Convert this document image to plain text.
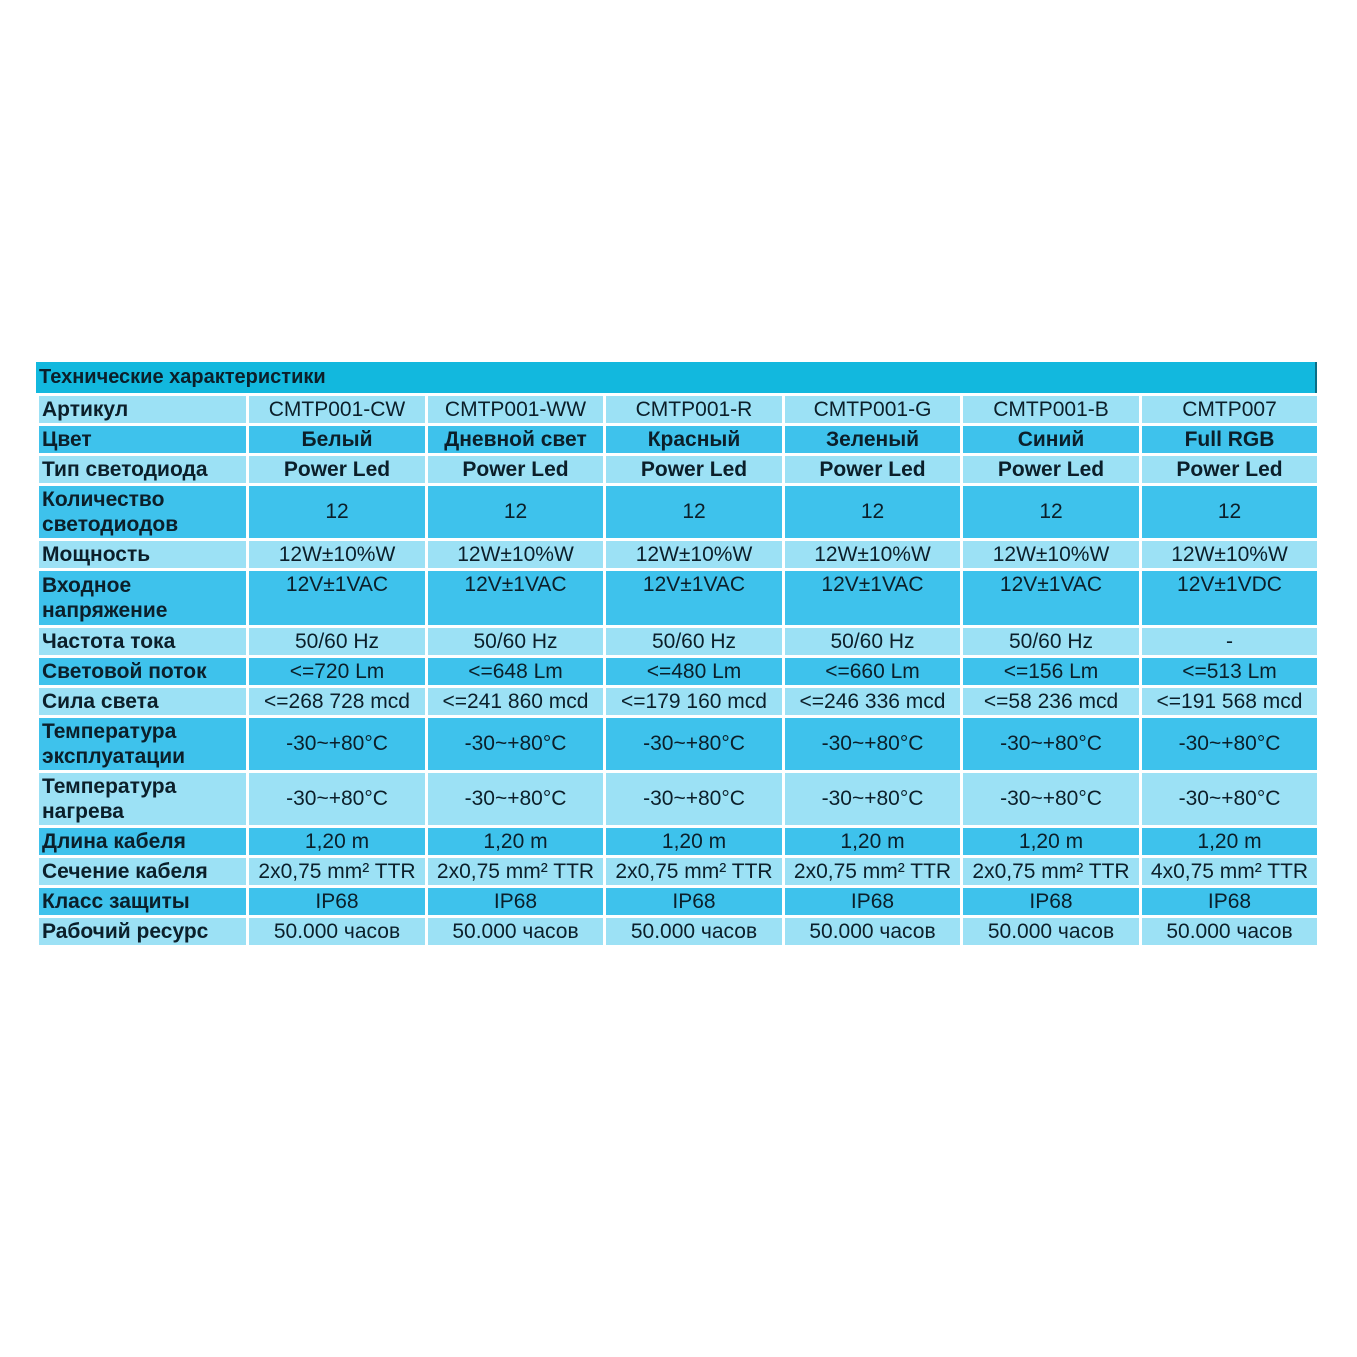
Технические характеристики
Артикул	CMTP001-CW	CMTP001-WW	CMTP001-R	CMTP001-G	CMTP001-B	CMTP007
Цвет	Белый	Дневной свет	Красный	Зеленый	Синий	Full RGB
Тип светодиода	Power Led	Power Led	Power Led	Power Led	Power Led	Power Led
Количество светодиодов	12	12	12	12	12	12
Мощность	12W±10%W	12W±10%W	12W±10%W	12W±10%W	12W±10%W	12W±10%W
Входное напряжение	12V±1VAC	12V±1VAC	12V±1VAC	12V±1VAC	12V±1VAC	12V±1VDC
Частота тока	50/60 Hz	50/60 Hz	50/60 Hz	50/60 Hz	50/60 Hz	-
Световой поток	<=720 Lm	<=648 Lm	<=480 Lm	<=660 Lm	<=156 Lm	<=513 Lm
Сила света	<=268 728 mcd	<=241 860 mcd	<=179 160 mcd	<=246 336 mcd	<=58 236 mcd	<=191 568 mcd
Температура эксплуатации	-30~+80°C	-30~+80°C	-30~+80°C	-30~+80°C	-30~+80°C	-30~+80°C
Температура нагрева	-30~+80°C	-30~+80°C	-30~+80°C	-30~+80°C	-30~+80°C	-30~+80°C
Длина кабеля	1,20 m	1,20 m	1,20 m	1,20 m	1,20 m	1,20 m
Сечение кабеля	2x0,75 mm² TTR	2x0,75 mm² TTR	2x0,75 mm² TTR	2x0,75 mm² TTR	2x0,75 mm² TTR	4x0,75 mm² TTR
Класс защиты	IP68	IP68	IP68	IP68	IP68	IP68
Рабочий ресурс	50.000 часов	50.000 часов	50.000 часов	50.000 часов	50.000 часов	50.000 часов
